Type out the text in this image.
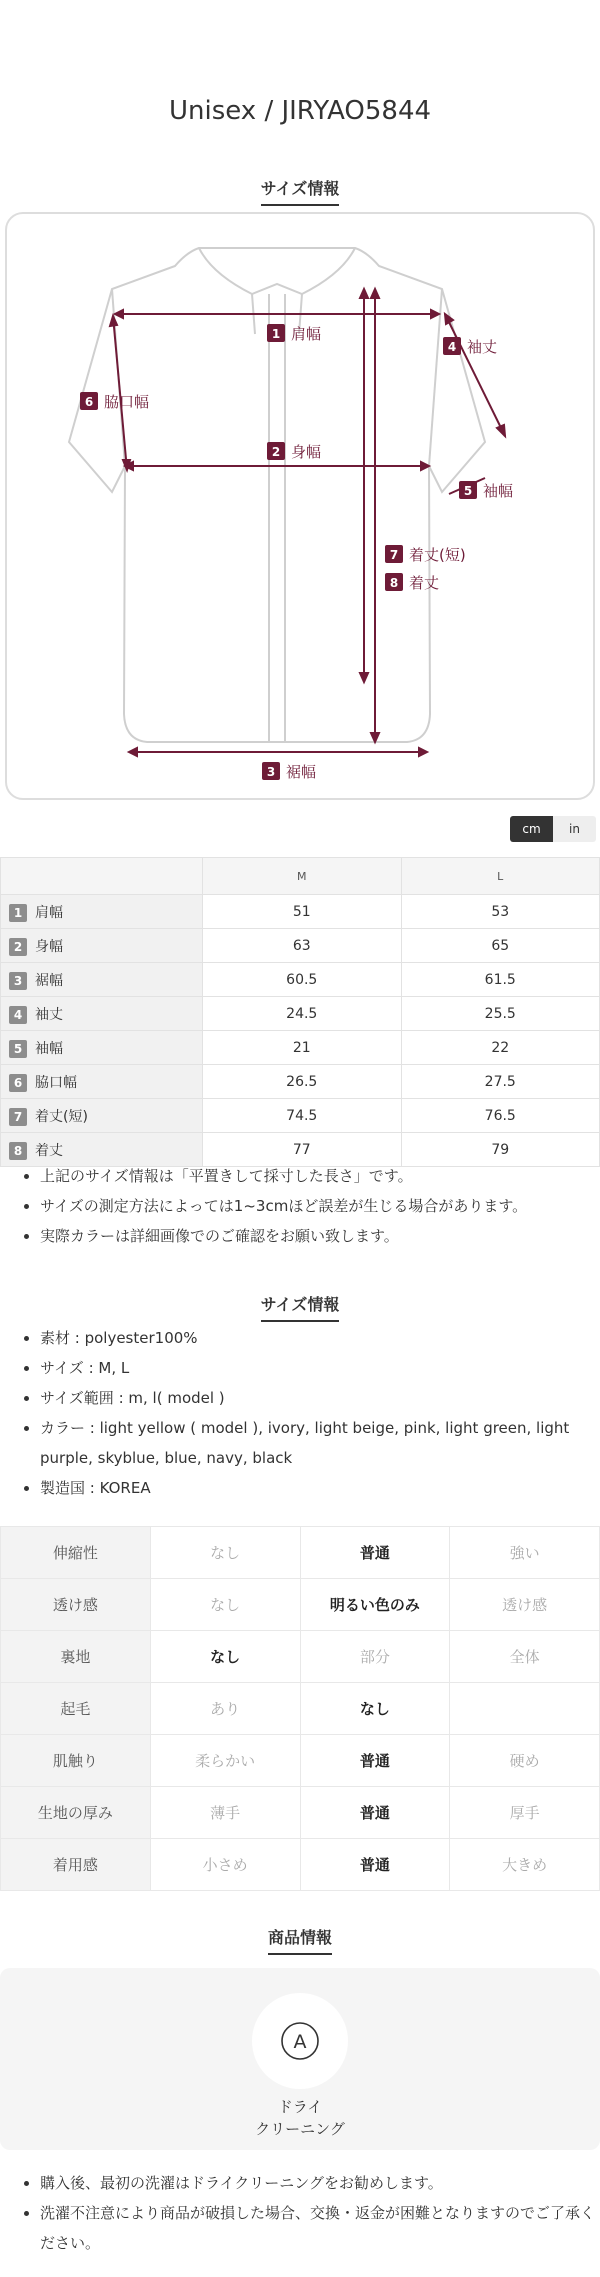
Unisex / JIRYAO5844
サイズ情報
1 肩幅
2 身幅
3 裾幅
4 袖丈
5 袖幅
6 脇口幅
7 着丈(短)
8 着丈
cm	in
	M	L
1 肩幅	51	53
2 身幅	63	65
3 裾幅	60.5	61.5
4 袖丈	24.5	25.5
5 袖幅	21	22
6 脇口幅	26.5	27.5
7 着丈(短)	74.5	76.5
8 着丈	77	79
• 上記のサイズ情報は「平置きして採寸した長さ」です。
• サイズの測定方法によっては1~3cmほど誤差が生じる場合があります。
• 実際カラーは詳細画像でのご確認をお願い致します。
サイズ情報
• 素材 : polyester100%
• サイズ : M, L
• サイズ範囲 : m, l( model )
• カラー : light yellow ( model ), ivory, light beige, pink, light green, light purple, skyblue, blue, navy, black
• 製造国 : KOREA
伸縮性	なし	普通	強い
透け感	なし	明るい色のみ	透け感
裏地	なし	部分	全体
起毛	あり	なし	
肌触り	柔らかい	普通	硬め
生地の厚み	薄手	普通	厚手
着用感	小さめ	普通	大きめ
商品情報
A
ドライ
クリーニング
• 購入後、最初の洗濯はドライクリーニングをお勧めします。
• 洗濯不注意により商品が破損した場合、交換・返金が困難となりますのでご了承ください。
